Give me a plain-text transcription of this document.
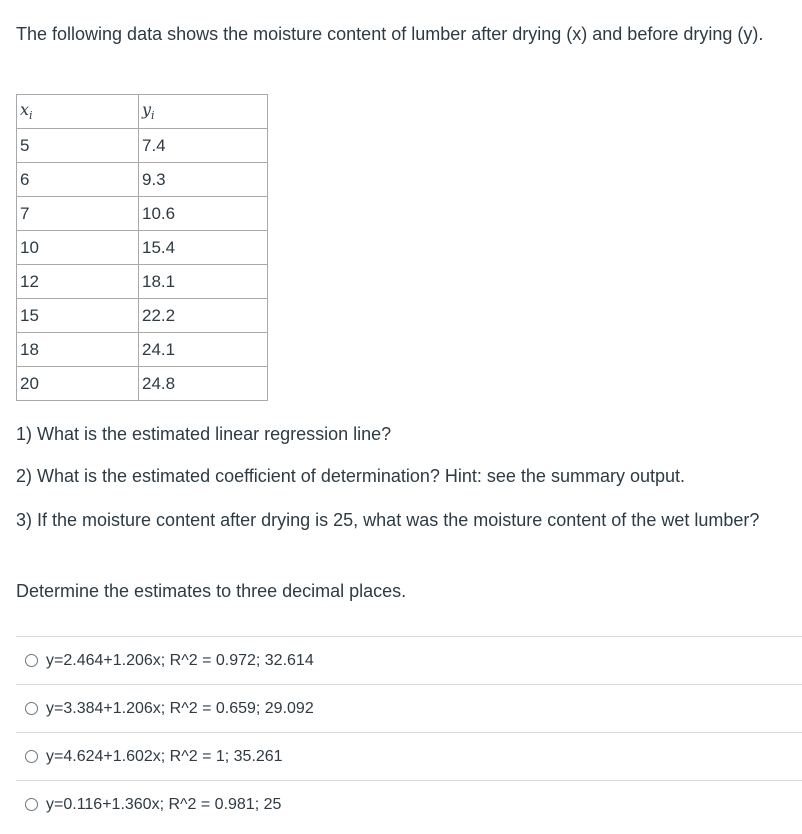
The following data shows the moisture content of lumber after drying (x) and before drying (y).

$x_i$	$y_i$
5	7.4
6	9.3
7	10.6
10	15.4
12	18.1
15	22.2
18	24.1
20	24.8

1) What is the estimated linear regression line?

2) What is the estimated coefficient of determination? Hint: see the summary output.

3) If the moisture content after drying is 25, what was the moisture content of the wet lumber?

Determine the estimates to three decimal places.

y=2.464+1.206x; R^2 = 0.972; 32.614
y=3.384+1.206x; R^2 = 0.659; 29.092
y=4.624+1.602x; R^2 = 1; 35.261
y=0.116+1.360x; R^2 = 0.981; 25
